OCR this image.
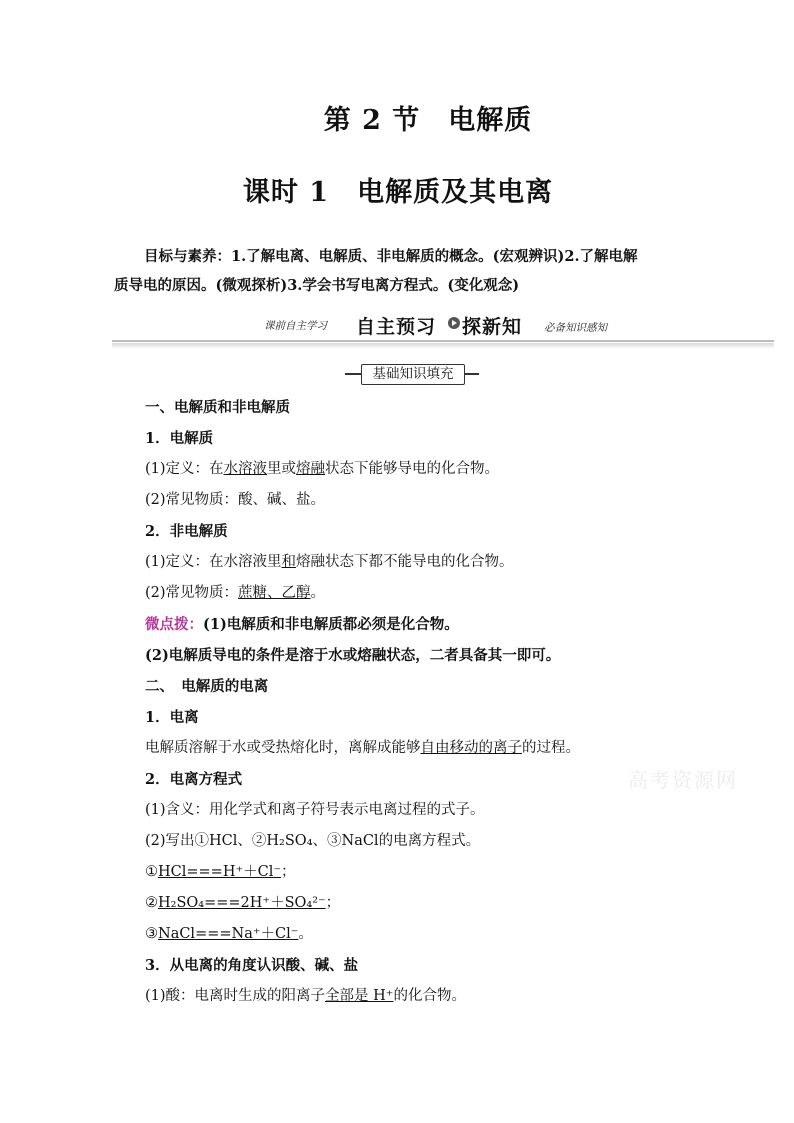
第 2 节　电解质
课时 1　电解质及其电离
目标与素养：1.了解电离、电解质、非电解质的概念。(宏观辨识)2.了解电解
质导电的原因。(微观探析)3.学会书写电离方程式。(变化观念)
课前自主学习 自主预习 探新知 必备知识感知
基础知识填充
一、电解质和非电解质
1．电解质
(1)定义：在水溶液里或熔融状态下能够导电的化合物。
(2)常见物质：酸、碱、盐。
2．非电解质
(1)定义：在水溶液里和熔融状态下都不能导电的化合物。
(2)常见物质：蔗糖、乙醇。
微点拨：(1)电解质和非电解质都必须是化合物。
(2)电解质导电的条件是溶于水或熔融状态，二者具备其一即可。
二、　电解质的电离
1．电离
电解质溶解于水或受热熔化时，离解成能够自由移动的离子的过程。
2．电离方程式
(1)含义：用化学式和离子符号表示电离过程的式子。
(2)写出①HCl、②H₂SO₄、③NaCl的电离方程式。
①HCl===H⁺＋Cl⁻；
②H₂SO₄===2H⁺＋SO₄²⁻；
③NaCl===Na⁺＋Cl⁻。
3．从电离的角度认识酸、碱、盐
(1)酸：电离时生成的阳离子全部是 H⁺的化合物。
高考资源网
